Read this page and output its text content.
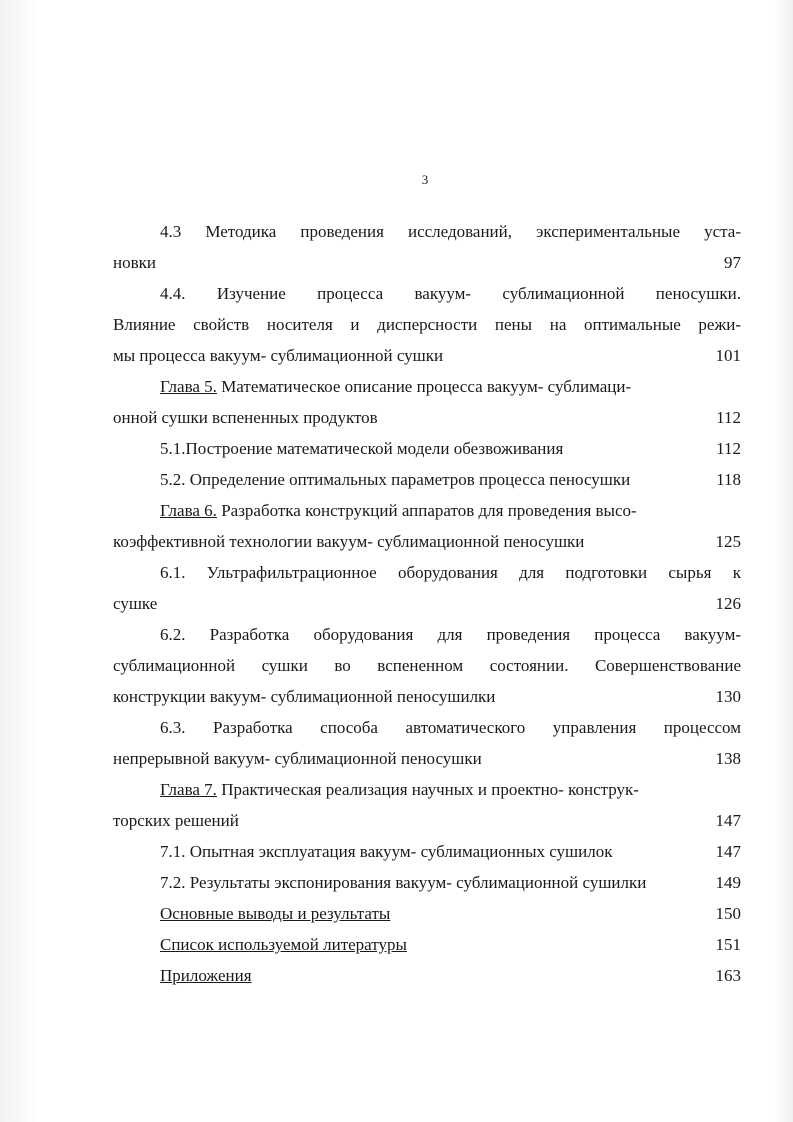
3
4.3 Методика проведения исследований, экспериментальные уста-
новки	97
4.4. Изучение процесса вакуум- сублимационной пеносушки.
Влияние свойств носителя и дисперсности пены на оптимальные режи-
мы процесса вакуум- сублимационной сушки	101
Глава 5. Математическое описание процесса вакуум- сублимаци-
онной сушки вспененных продуктов	112
5.1.Построение математической модели обезвоживания	112
5.2. Определение оптимальных параметров процесса пеносушки	118
Глава 6. Разработка конструкций аппаратов для проведения высо-
коэффективной технологии вакуум- сублимационной пеносушки	125
6.1. Ультрафильтрационное оборудования для подготовки сырья к
сушке	126
6.2. Разработка оборудования для проведения процесса вакуум-
сублимационной сушки во вспененном состоянии. Совершенствование
конструкции вакуум- сублимационной пеносушилки	130
6.3. Разработка способа автоматического управления процессом
непрерывной вакуум- сублимационной пеносушки	138
Глава 7. Практическая реализация научных и проектно- конструк-
торских решений	147
7.1. Опытная эксплуатация вакуум- сублимационных сушилок	147
7.2. Результаты экспонирования вакуум- сублимационной сушилки	149
Основные выводы и результаты	150
Список используемой литературы	151
Приложения	163
